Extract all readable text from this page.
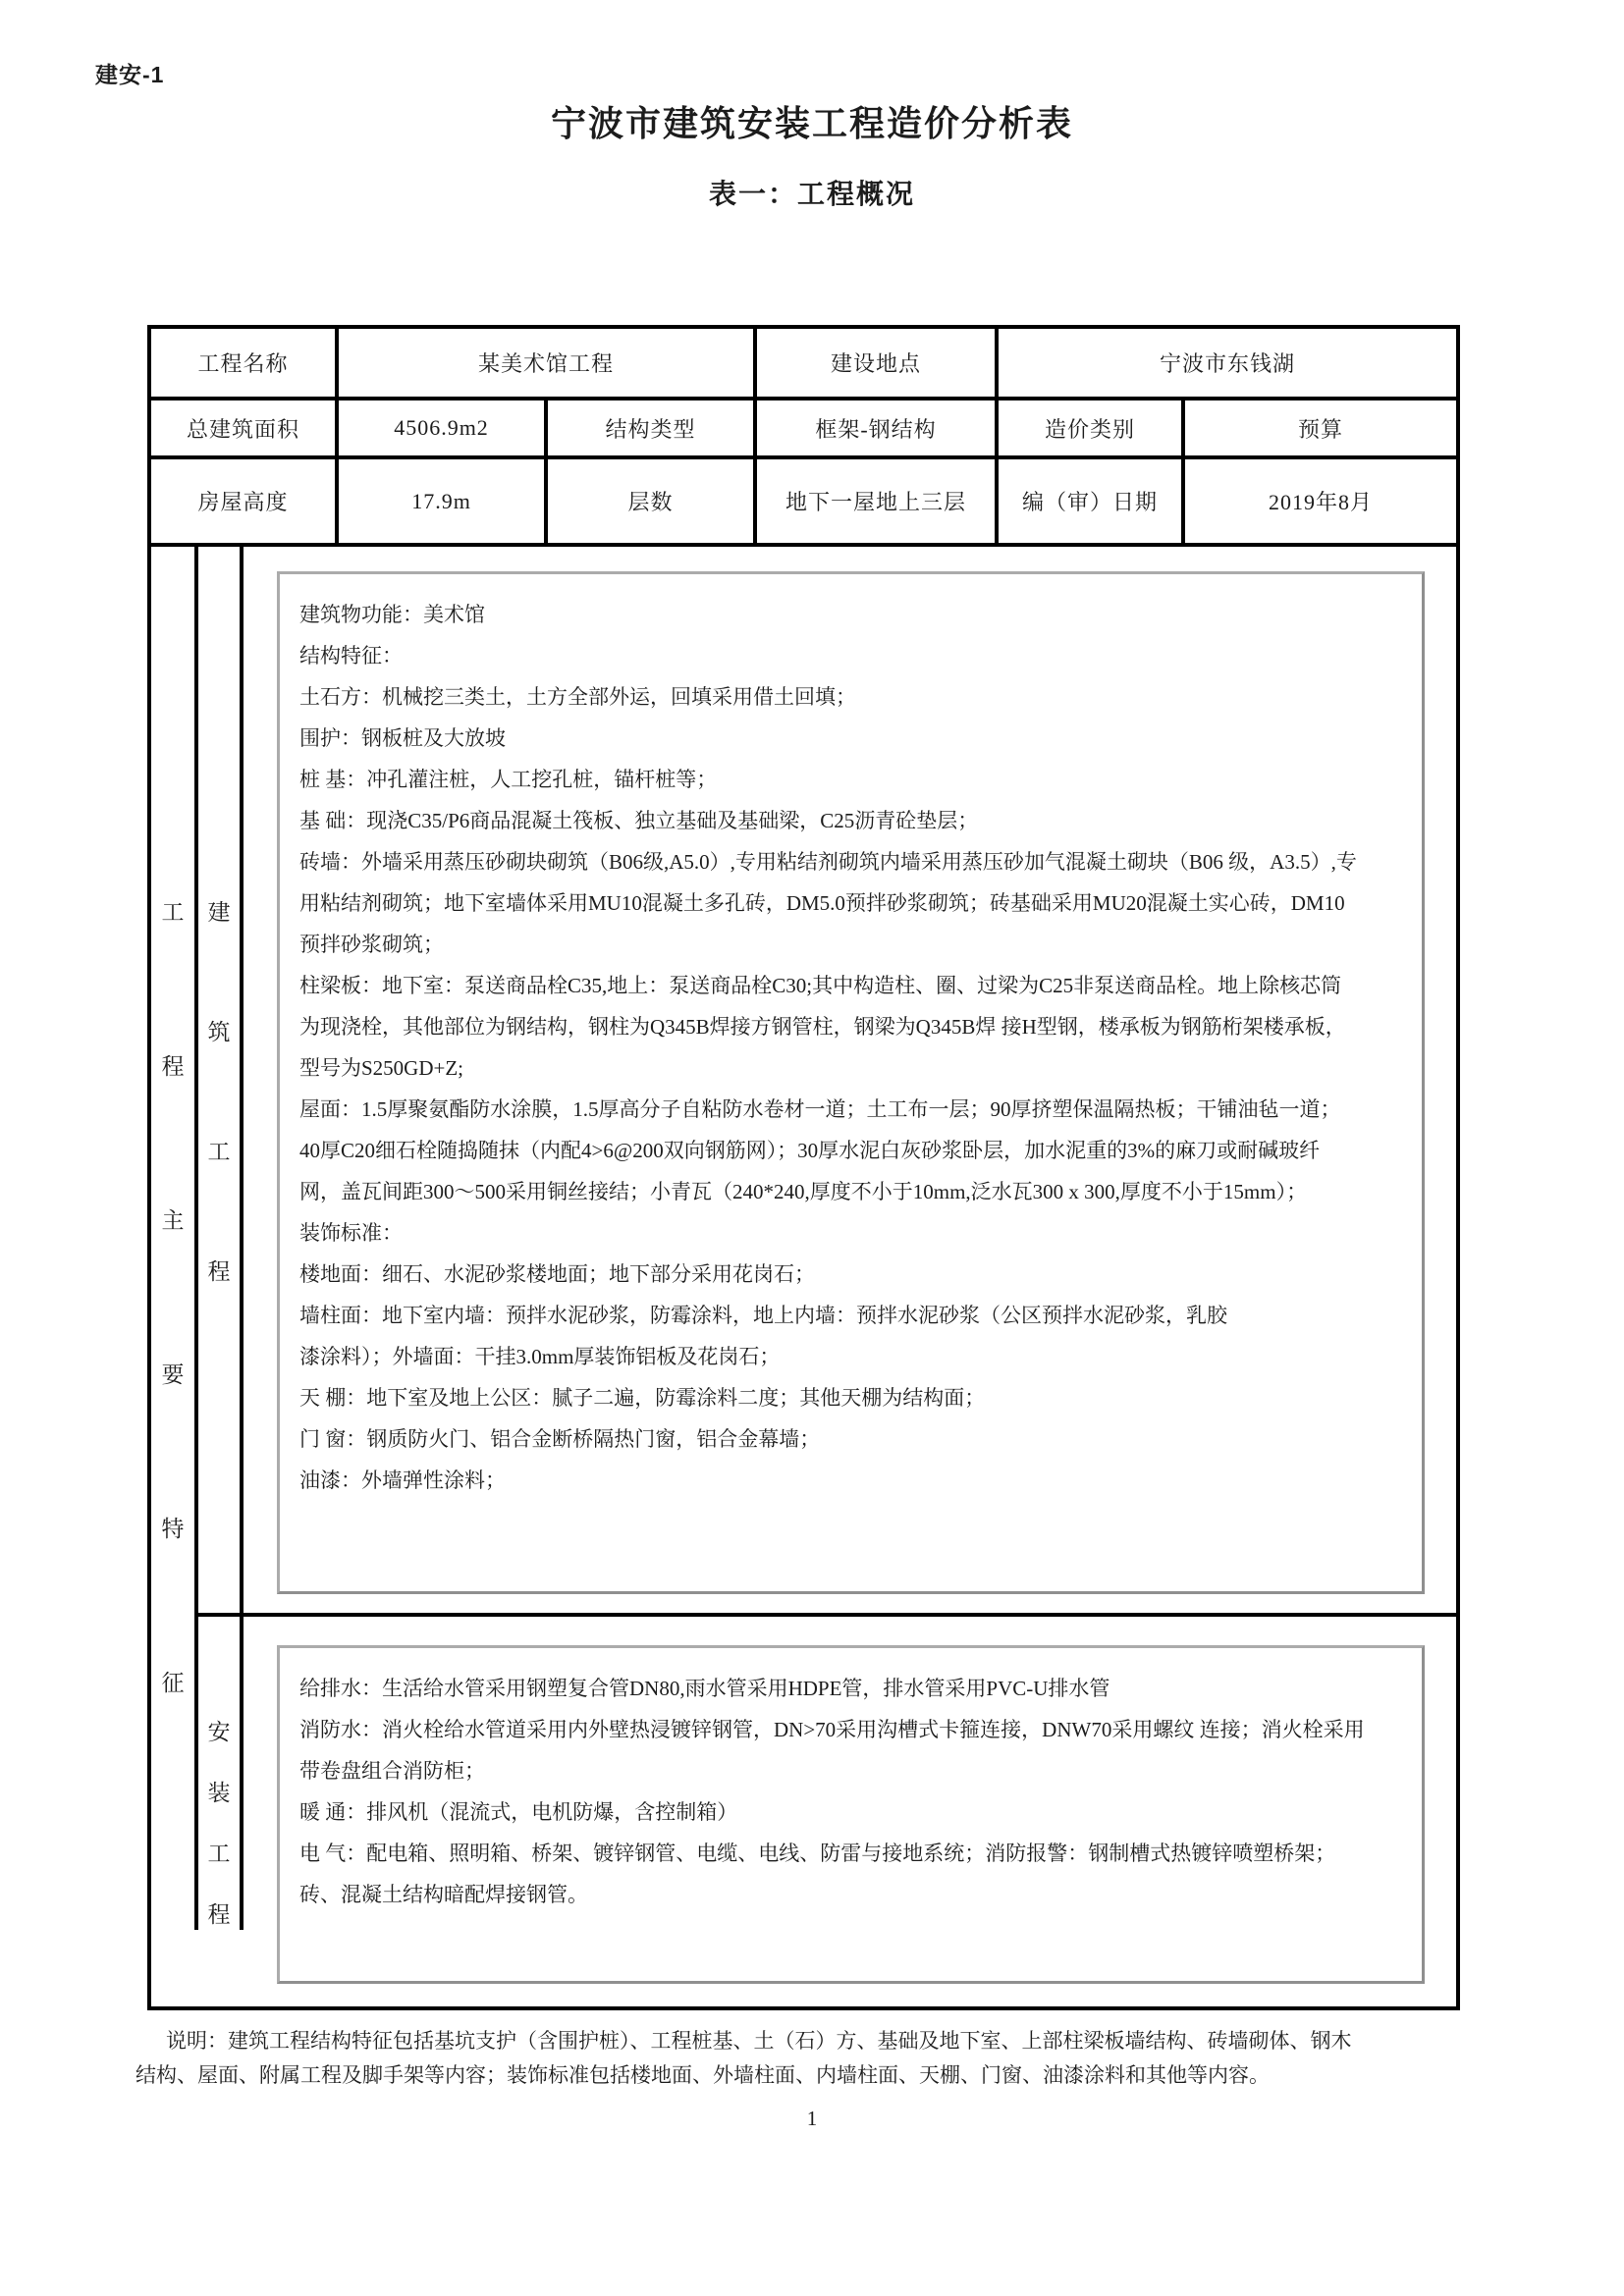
建安-1
宁波市建筑安装工程造价分析表
表一：工程概况
工程名称	某美术馆工程	建设地点	宁波市东钱湖
总建筑面积	4506.9m2	结构类型	框架-钢结构	造价类别	预算
房屋高度	17.9m	层数	地下一屋地上三层	编（审）日期	2019年8月
工
程
主
要
特
征
建
筑
工
程
建筑物功能：美术馆
结构特征：
土石方：机械挖三类土，土方全部外运，回填采用借土回填；
围护：钢板桩及大放坡
桩 基：冲孔灌注桩，人工挖孔桩，锚杆桩等；
基 础：现浇C35/P6商品混凝土筏板、独立基础及基础梁，C25沥青砼垫层；
砖墙：外墙采用蒸压砂砌块砌筑（B06级,A5.0）,专用粘结剂砌筑内墙采用蒸压砂加气混凝土砌块（B06 级，A3.5）,专
用粘结剂砌筑；地下室墙体采用MU10混凝土多孔砖，DM5.0预拌砂浆砌筑；砖基础采用MU20混凝土实心砖，DM10
预拌砂浆砌筑；
柱梁板：地下室：泵送商品栓C35,地上：泵送商品栓C30;其中构造柱、圈、过梁为C25非泵送商品栓。地上除核芯筒
为现浇栓，其他部位为钢结构，钢柱为Q345B焊接方钢管柱，钢梁为Q345B焊 接H型钢，楼承板为钢筋桁架楼承板，
型号为S250GD+Z;
屋面：1.5厚聚氨酯防水涂膜，1.5厚高分子自粘防水卷材一道；土工布一层；90厚挤塑保温隔热板；干铺油毡一道；
40厚C20细石栓随捣随抹（内配4>6@200双向钢筋网）；30厚水泥白灰砂浆卧层，加水泥重的3%的麻刀或耐碱玻纤
网，盖瓦间距300〜500采用铜丝接结；小青瓦（240*240,厚度不小于10mm,泛水瓦300 x 300,厚度不小于15mm）；
装饰标准：
楼地面：细石、水泥砂浆楼地面；地下部分采用花岗石；
墙柱面：地下室内墙：预拌水泥砂浆，防霉涂料，地上内墙：预拌水泥砂浆（公区预拌水泥砂浆，乳胶
漆涂料）；外墙面：干挂3.0mm厚装饰铝板及花岗石；
天 棚：地下室及地上公区：腻子二遍，防霉涂料二度；其他天棚为结构面；
门 窗：钢质防火门、铝合金断桥隔热门窗，铝合金幕墙；
油漆：外墙弹性涂料；
安
装
工
程
给排水：生活给水管采用钢塑复合管DN80,雨水管采用HDPE管，排水管采用PVC-U排水管
消防水：消火栓给水管道采用内外壁热浸镀锌钢管，DN>70采用沟槽式卡箍连接，DNW70采用螺纹 连接；消火栓采用
带卷盘组合消防柜；
暖 通：排风机（混流式，电机防爆，含控制箱）
电 气：配电箱、照明箱、桥架、镀锌钢管、电缆、电线、防雷与接地系统；消防报警：钢制槽式热镀锌喷塑桥架；
砖、混凝土结构暗配焊接钢管。
说明：建筑工程结构特征包括基坑支护（含围护桩）、工程桩基、土（石）方、基础及地下室、上部柱梁板墙结构、砖墙砌体、钢木
结构、屋面、附属工程及脚手架等内容；装饰标准包括楼地面、外墙柱面、内墙柱面、天棚、门窗、油漆涂料和其他等内容。
1
